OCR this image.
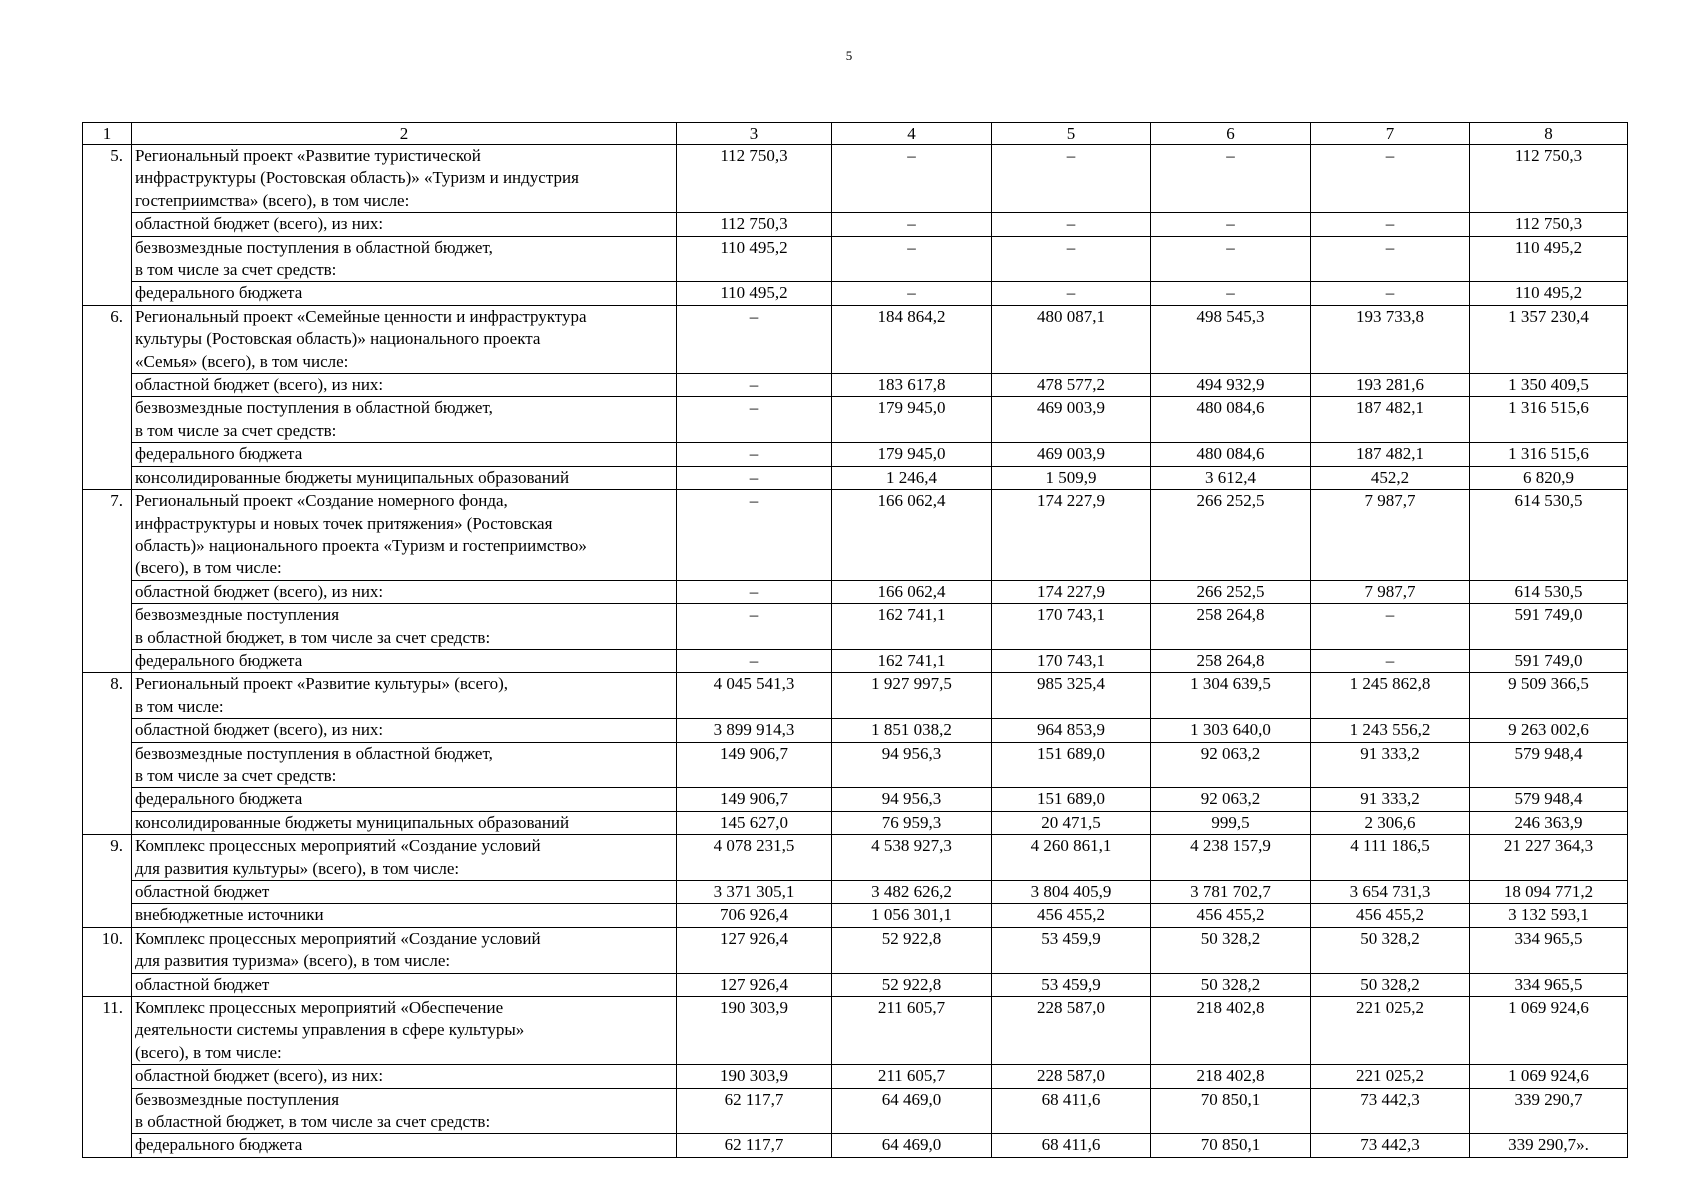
5
1	2	3	4	5	6	7	8
5.	Региональный проект «Развитие туристической
инфраструктуры (Ростовская область)» «Туризм и индустрия
гостеприимства» (всего), в том числе:	112 750,3	–	–	–	–	112 750,3

	областной бюджет (всего), из них:	112 750,3	–	–	–	–	112 750,3

	безвозмездные поступления в областной бюджет,
в том числе за счет средств:	110 495,2	–	–	–	–	110 495,2

	федерального бюджета	110 495,2	–	–	–	–	110 495,2
6.	Региональный проект «Семейные ценности и инфраструктура
культуры (Ростовская область)» национального проекта
«Семья» (всего), в том числе:	–	184 864,2	480 087,1	498 545,3	193 733,8	1 357 230,4

	областной бюджет (всего), из них:	–	183 617,8	478 577,2	494 932,9	193 281,6	1 350 409,5

	безвозмездные поступления в областной бюджет,
в том числе за счет средств:	–	179 945,0	469 003,9	480 084,6	187 482,1	1 316 515,6

	федерального бюджета	–	179 945,0	469 003,9	480 084,6	187 482,1	1 316 515,6

	консолидированные бюджеты муниципальных образований	–	1 246,4	1 509,9	3 612,4	452,2	6 820,9
7.	Региональный проект «Создание номерного фонда,
инфраструктуры и новых точек притяжения» (Ростовская
область)» национального проекта «Туризм и гостеприимство»
(всего), в том числе:	–	166 062,4	174 227,9	266 252,5	7 987,7	614 530,5

	областной бюджет (всего), из них:	–	166 062,4	174 227,9	266 252,5	7 987,7	614 530,5

	безвозмездные поступления
в областной бюджет, в том числе за счет средств:	–	162 741,1	170 743,1	258 264,8	–	591 749,0

	федерального бюджета	–	162 741,1	170 743,1	258 264,8	–	591 749,0
8.	Региональный проект «Развитие культуры» (всего),
в том числе:	4 045 541,3	1 927 997,5	985 325,4	1 304 639,5	1 245 862,8	9 509 366,5

	областной бюджет (всего), из них:	3 899 914,3	1 851 038,2	964 853,9	1 303 640,0	1 243 556,2	9 263 002,6

	безвозмездные поступления в областной бюджет,
в том числе за счет средств:	149 906,7	94 956,3	151 689,0	92 063,2	91 333,2	579 948,4

	федерального бюджета	149 906,7	94 956,3	151 689,0	92 063,2	91 333,2	579 948,4

	консолидированные бюджеты муниципальных образований	145 627,0	76 959,3	20 471,5	999,5	2 306,6	246 363,9
9.	Комплекс процессных мероприятий «Создание условий
для развития культуры» (всего), в том числе:	4 078 231,5	4 538 927,3	4 260 861,1	4 238 157,9	4 111 186,5	21 227 364,3

	областной бюджет	3 371 305,1	3 482 626,2	3 804 405,9	3 781 702,7	3 654 731,3	18 094 771,2

	внебюджетные источники	706 926,4	1 056 301,1	456 455,2	456 455,2	456 455,2	3 132 593,1
10.	Комплекс процессных мероприятий «Создание условий
для развития туризма» (всего), в том числе:	127 926,4	52 922,8	53 459,9	50 328,2	50 328,2	334 965,5

	областной бюджет	127 926,4	52 922,8	53 459,9	50 328,2	50 328,2	334 965,5
11.	Комплекс процессных мероприятий «Обеспечение
деятельности системы управления в сфере культуры»
(всего), в том числе:	190 303,9	211 605,7	228 587,0	218 402,8	221 025,2	1 069 924,6

	областной бюджет (всего), из них:	190 303,9	211 605,7	228 587,0	218 402,8	221 025,2	1 069 924,6

	безвозмездные поступления
в областной бюджет, в том числе за счет средств:	62 117,7	64 469,0	68 411,6	70 850,1	73 442,3	339 290,7

	федерального бюджета	62 117,7	64 469,0	68 411,6	70 850,1	73 442,3	339 290,7».
